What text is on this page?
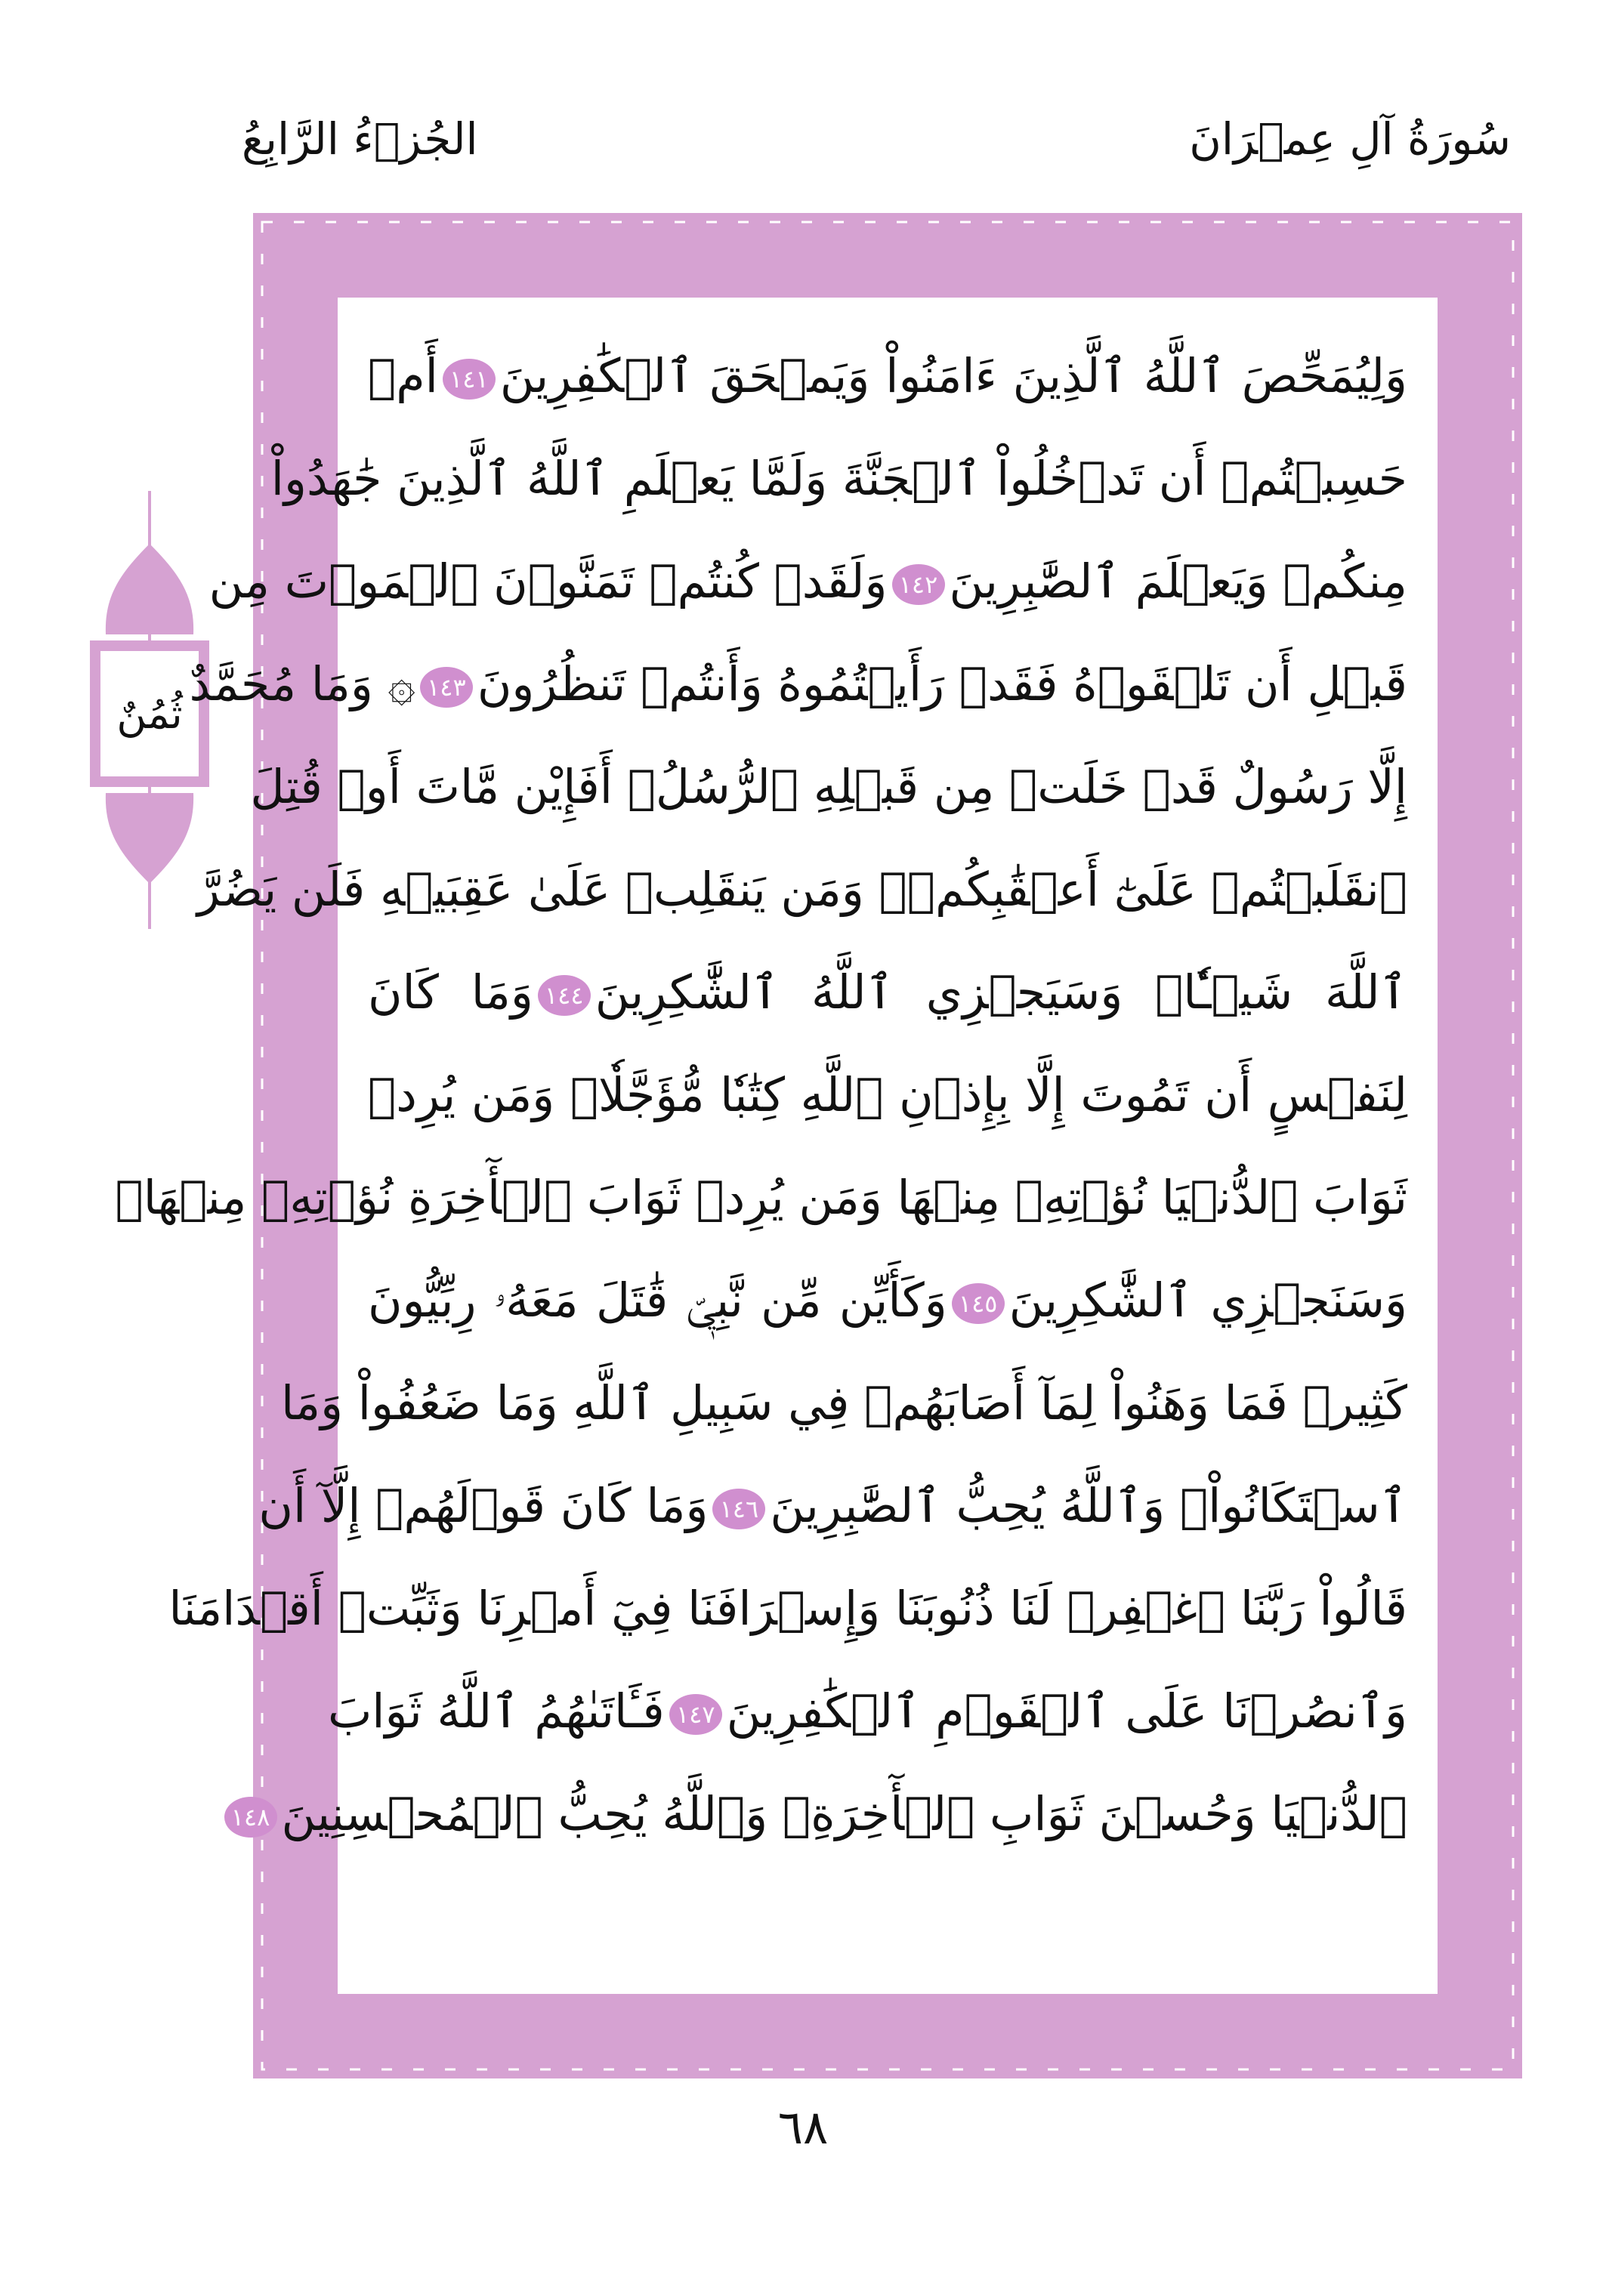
سُورَةُ آلِ عِمۡرَانَ
الجُزۡءُ الرَّابِعُ
ثُمُنٌ
وَلِيُمَحِّصَ ٱللَّهُ ٱلَّذِينَ ءَامَنُواْ وَيَمۡحَقَ ٱلۡكَٰفِرِينَ١٤١أَمۡ
حَسِبۡتُمۡ أَن تَدۡخُلُواْ ٱلۡجَنَّةَ وَلَمَّا يَعۡلَمِ ٱللَّهُ ٱلَّذِينَ جَٰهَدُواْ
مِنكُمۡ وَيَعۡلَمَ ٱلصَّٰبِرِينَ١٤٢وَلَقَدۡ كُنتُمۡ تَمَنَّوۡنَ ٱلۡمَوۡتَ مِن
قَبۡلِ أَن تَلۡقَوۡهُ فَقَدۡ رَأَيۡتُمُوهُ وَأَنتُمۡ تَنظُرُونَ١٤٣۞ وَمَا مُحَمَّدٌ
إِلَّا رَسُولٌ قَدۡ خَلَتۡ مِن قَبۡلِهِ ٱلرُّسُلُۚ أَفَإِيْن مَّاتَ أَوۡ قُتِلَ
ٱنقَلَبۡتُمۡ عَلَىٰٓ أَعۡقَٰبِكُمۡۚ وَمَن يَنقَلِبۡ عَلَىٰ عَقِبَيۡهِ فَلَن يَضُرَّ
ٱللَّهَ شَيۡـٔٗاۗ وَسَيَجۡزِي ٱللَّهُ ٱلشَّٰكِرِينَ١٤٤وَمَا كَانَ
لِنَفۡسٍ أَن تَمُوتَ إِلَّا بِإِذۡنِ ٱللَّهِ كِتَٰبٗا مُّؤَجَّلٗاۗ وَمَن يُرِدۡ
ثَوَابَ ٱلدُّنۡيَا نُؤۡتِهِۦ مِنۡهَا وَمَن يُرِدۡ ثَوَابَ ٱلۡأٓخِرَةِ نُؤۡتِهِۦ مِنۡهَاۚ
وَسَنَجۡزِي ٱلشَّٰكِرِينَ١٤٥وَكَأَيِّن مِّن نَّبِيّٖ قَٰتَلَ مَعَهُۥ رِبِّيُّونَ
كَثِيرٞ فَمَا وَهَنُواْ لِمَآ أَصَابَهُمۡ فِي سَبِيلِ ٱللَّهِ وَمَا ضَعُفُواْ وَمَا
ٱسۡتَكَانُواْۗ وَٱللَّهُ يُحِبُّ ٱلصَّٰبِرِينَ١٤٦وَمَا كَانَ قَوۡلَهُمۡ إِلَّآ أَن
قَالُواْ رَبَّنَا ٱغۡفِرۡ لَنَا ذُنُوبَنَا وَإِسۡرَافَنَا فِيٓ أَمۡرِنَا وَثَبِّتۡ أَقۡدَامَنَا
وَٱنصُرۡنَا عَلَى ٱلۡقَوۡمِ ٱلۡكَٰفِرِينَ١٤٧فَـَٔاتَىٰهُمُ ٱللَّهُ ثَوَابَ
ٱلدُّنۡيَا وَحُسۡنَ ثَوَابِ ٱلۡأٓخِرَةِۗ وَٱللَّهُ يُحِبُّ ٱلۡمُحۡسِنِينَ١٤٨
٦٨
